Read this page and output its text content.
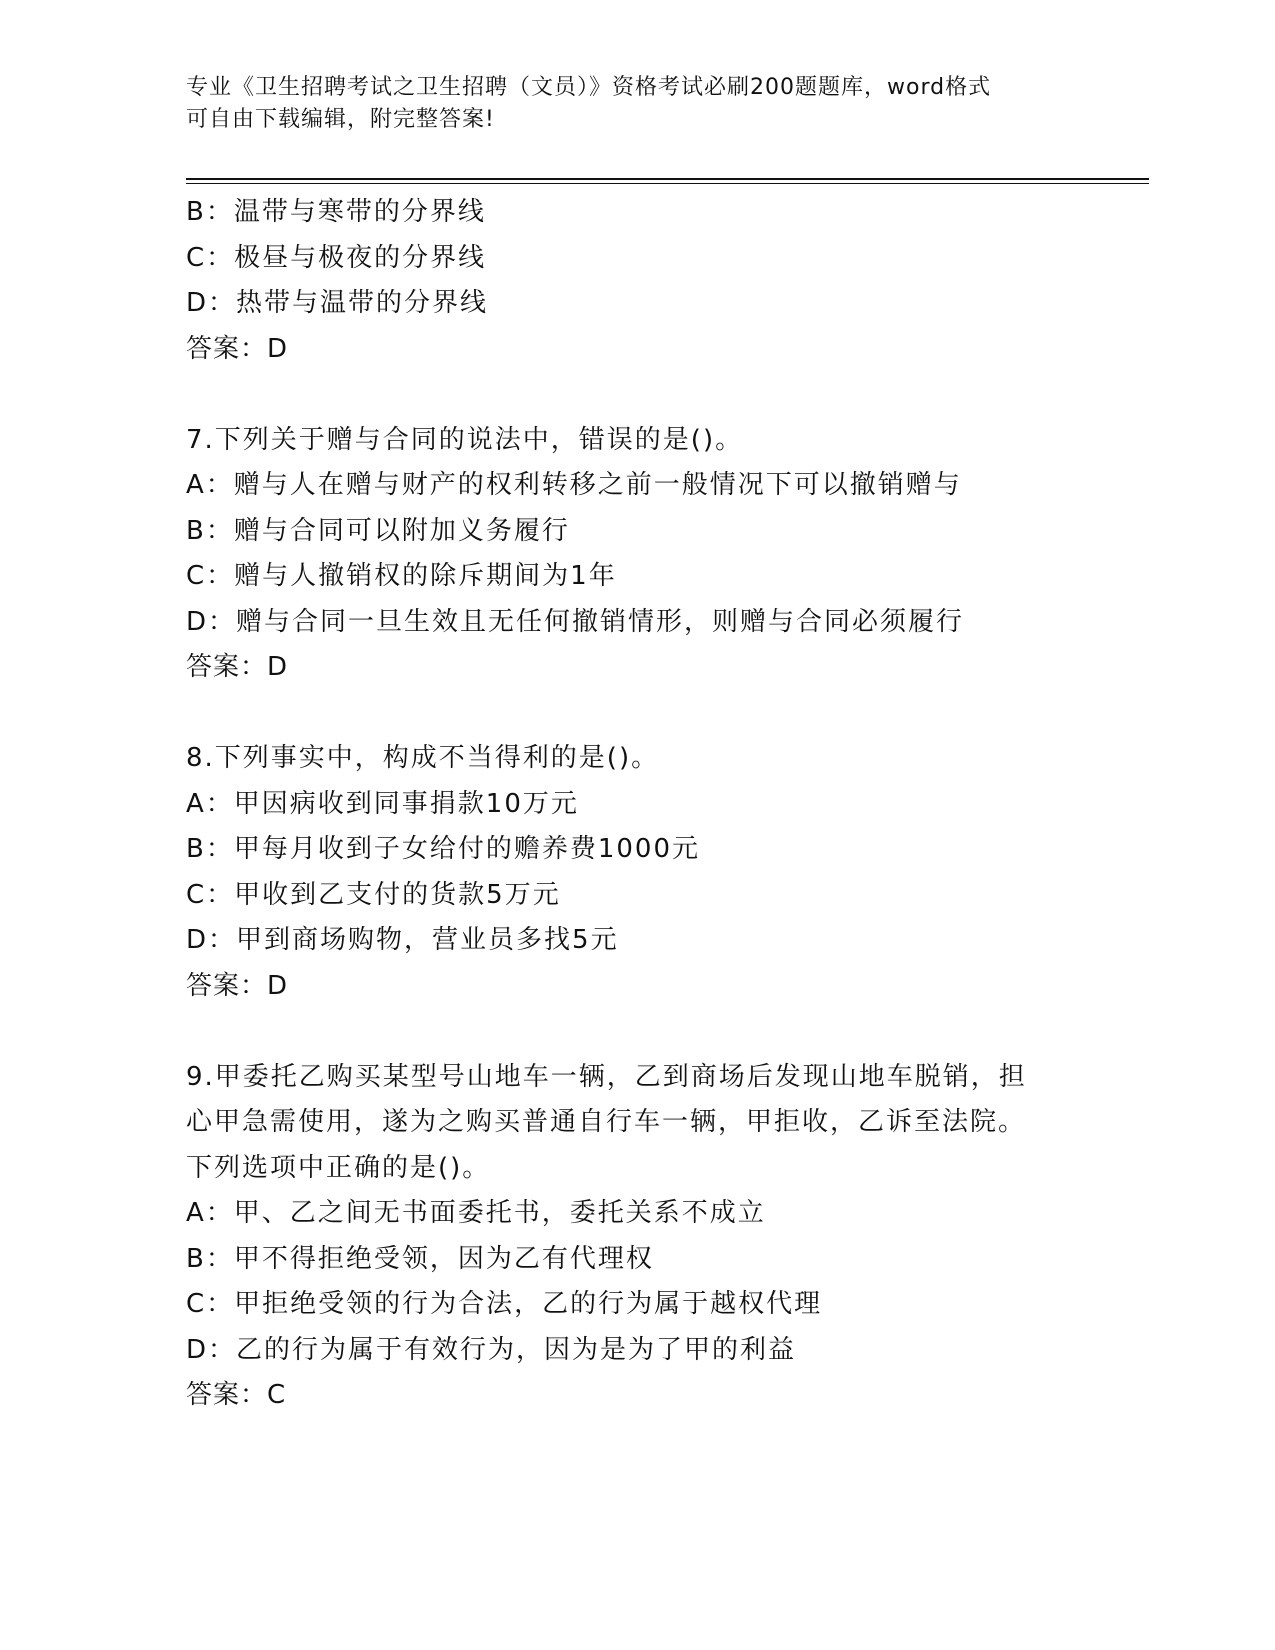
专业《卫生招聘考试之卫生招聘（文员）》资格考试必刷200题题库，word格式
可自由下载编辑，附完整答案!
B：温带与寒带的分界线
C：极昼与极夜的分界线
D：热带与温带的分界线
答案：D
7.下列关于赠与合同的说法中，错误的是()。
A：赠与人在赠与财产的权利转移之前一般情况下可以撤销赠与
B：赠与合同可以附加义务履行
C：赠与人撤销权的除斥期间为1年
D：赠与合同一旦生效且无任何撤销情形，则赠与合同必须履行
答案：D
8.下列事实中，构成不当得利的是()。
A：甲因病收到同事捐款10万元
B：甲每月收到子女给付的赡养费1000元
C：甲收到乙支付的货款5万元
D：甲到商场购物，营业员多找5元
答案：D
9.甲委托乙购买某型号山地车一辆，乙到商场后发现山地车脱销，担
心甲急需使用，遂为之购买普通自行车一辆，甲拒收，乙诉至法院。
下列选项中正确的是()。
A：甲、乙之间无书面委托书，委托关系不成立
B：甲不得拒绝受领，因为乙有代理权
C：甲拒绝受领的行为合法，乙的行为属于越权代理
D：乙的行为属于有效行为，因为是为了甲的利益
答案：C
